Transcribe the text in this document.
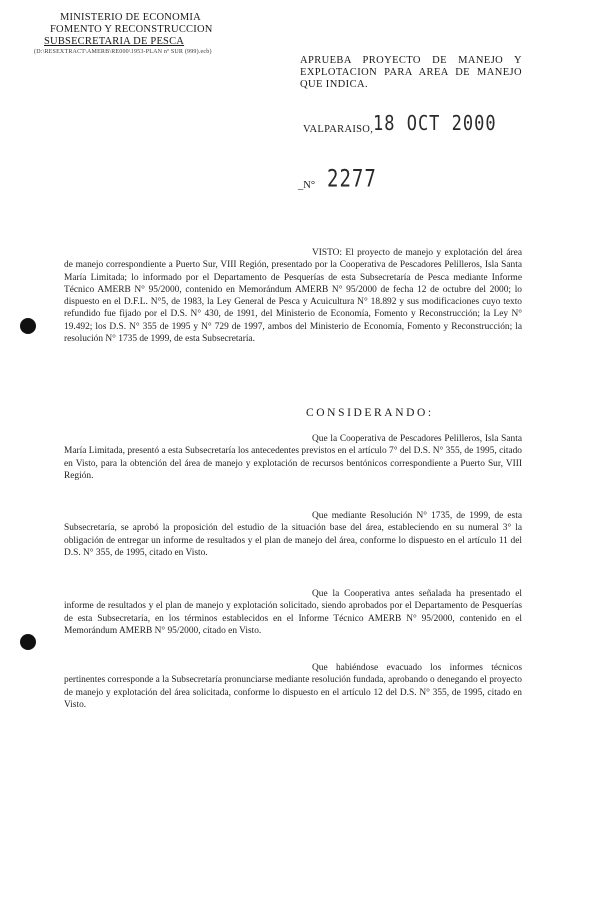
MINISTERIO DE ECONOMIA
FOMENTO Y RECONSTRUCCION
SUBSECRETARIA DE PESCA
(D:\RESEXTRACT\AMERB\RE000\1953-PLAN nº SUR (999).ecb)
APRUEBA PROYECTO DE MANEJO Y EXPLOTACION PARA AREA DE MANEJO QUE INDICA.
VALPARAISO, 18 OCT 2000
_N° 2277
VISTO: El proyecto de manejo y explotación del área de manejo correspondiente a Puerto Sur, VIII Región, presentado por la Cooperativa de Pescadores Pelilleros, Isla Santa María Limitada; lo informado por el Departamento de Pesquerías de esta Subsecretaría de Pesca mediante Informe Técnico AMERB N° 95/2000, contenido en Memorándum AMERB N° 95/2000 de fecha 12 de octubre del 2000; lo dispuesto en el D.F.L. N°5, de 1983, la Ley General de Pesca y Acuicultura N° 18.892 y sus modificaciones cuyo texto refundido fue fijado por el D.S. N° 430, de 1991, del Ministerio de Economía, Fomento y Reconstrucción; la Ley N° 19.492; los D.S. N° 355 de 1995 y N° 729 de 1997, ambos del Ministerio de Economía, Fomento y Reconstrucción; la resolución N° 1735 de 1999, de esta Subsecretaría.
CONSIDERANDO:
Que la Cooperativa de Pescadores Pelilleros, Isla Santa María Limitada, presentó a esta Subsecretaría los antecedentes previstos en el artículo 7° del D.S. N° 355, de 1995, citado en Visto, para la obtención del área de manejo y explotación de recursos bentónicos correspondiente a Puerto Sur, VIII Región.
Que mediante Resolución N° 1735, de 1999, de esta Subsecretaría, se aprobó la proposición del estudio de la situación base del área, estableciendo en su numeral 3° la obligación de entregar un informe de resultados y el plan de manejo del área, conforme lo dispuesto en el artículo 11 del D.S. N° 355, de 1995, citado en Visto.
Que la Cooperativa antes señalada ha presentado el informe de resultados y el plan de manejo y explotación solicitado, siendo aprobados por el Departamento de Pesquerías de esta Subsecretaría, en los términos establecidos en el Informe Técnico AMERB N° 95/2000, contenido en el Memorándum AMERB N° 95/2000, citado en Visto.
Que habiéndose evacuado los informes técnicos pertinentes corresponde a la Subsecretaría pronunciarse mediante resolución fundada, aprobando o denegando el proyecto de manejo y explotación del área solicitada, conforme lo dispuesto en el artículo 12 del D.S. N° 355, de 1995, citado en Visto.
